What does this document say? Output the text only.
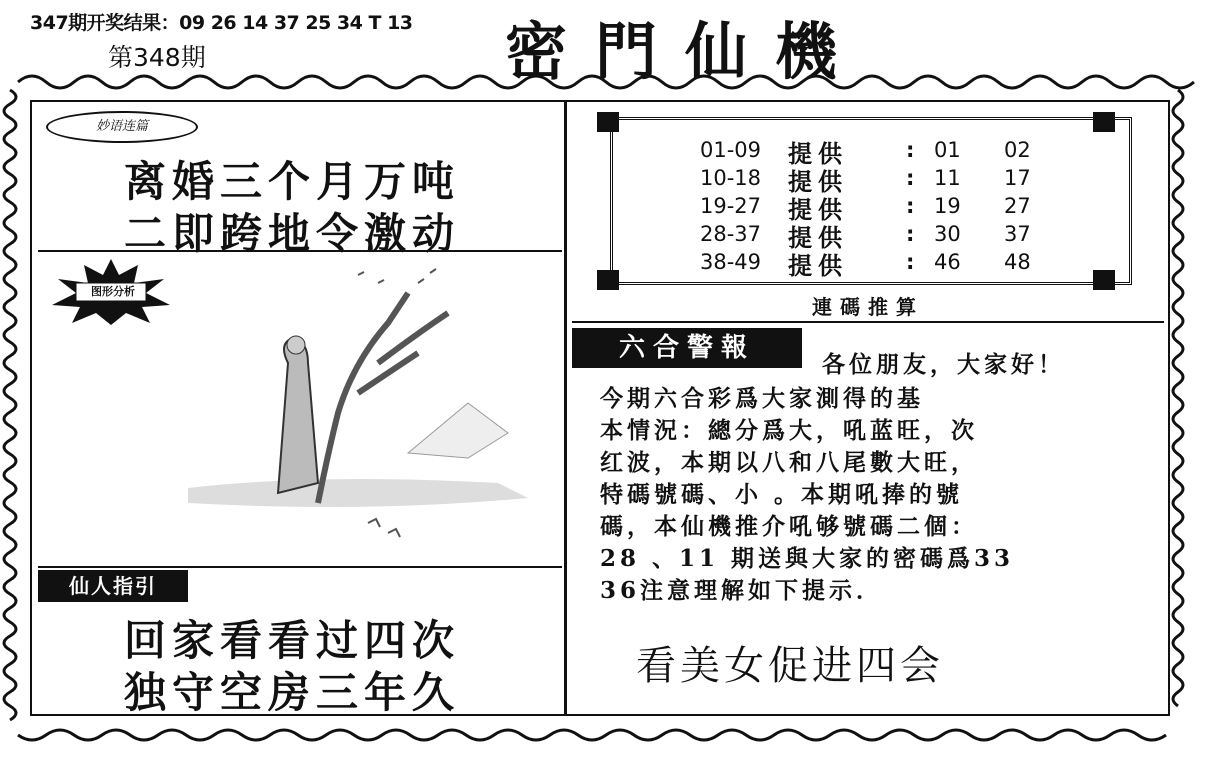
347期开奖结果：09 26 14 37 25 34 T 13
第348期	密門仙機
妙语连篇
离婚三个月万吨
二即跨地令激动
图形分析
仙人指引
回家看看过四次
独守空房三年久
連碼推算
01-09 提供	: 01 02
10-18 提供	: 11 17
19-27 提供	: 19 27
28-37 提供	: 30 37
38-49 提供	: 46 48
六合警報
各位朋友，大家好！
今期六合彩爲大家測得的基
本情況：總分爲大，吼蓝旺，次
红波，本期以八和八尾數大旺，
特碼號碼、小 。本期吼捧的號
碼，本仙機推介吼够號碼二個：
28 、11 期送與大家的密碼爲33
36注意理解如下提示．
看美女促进四会
